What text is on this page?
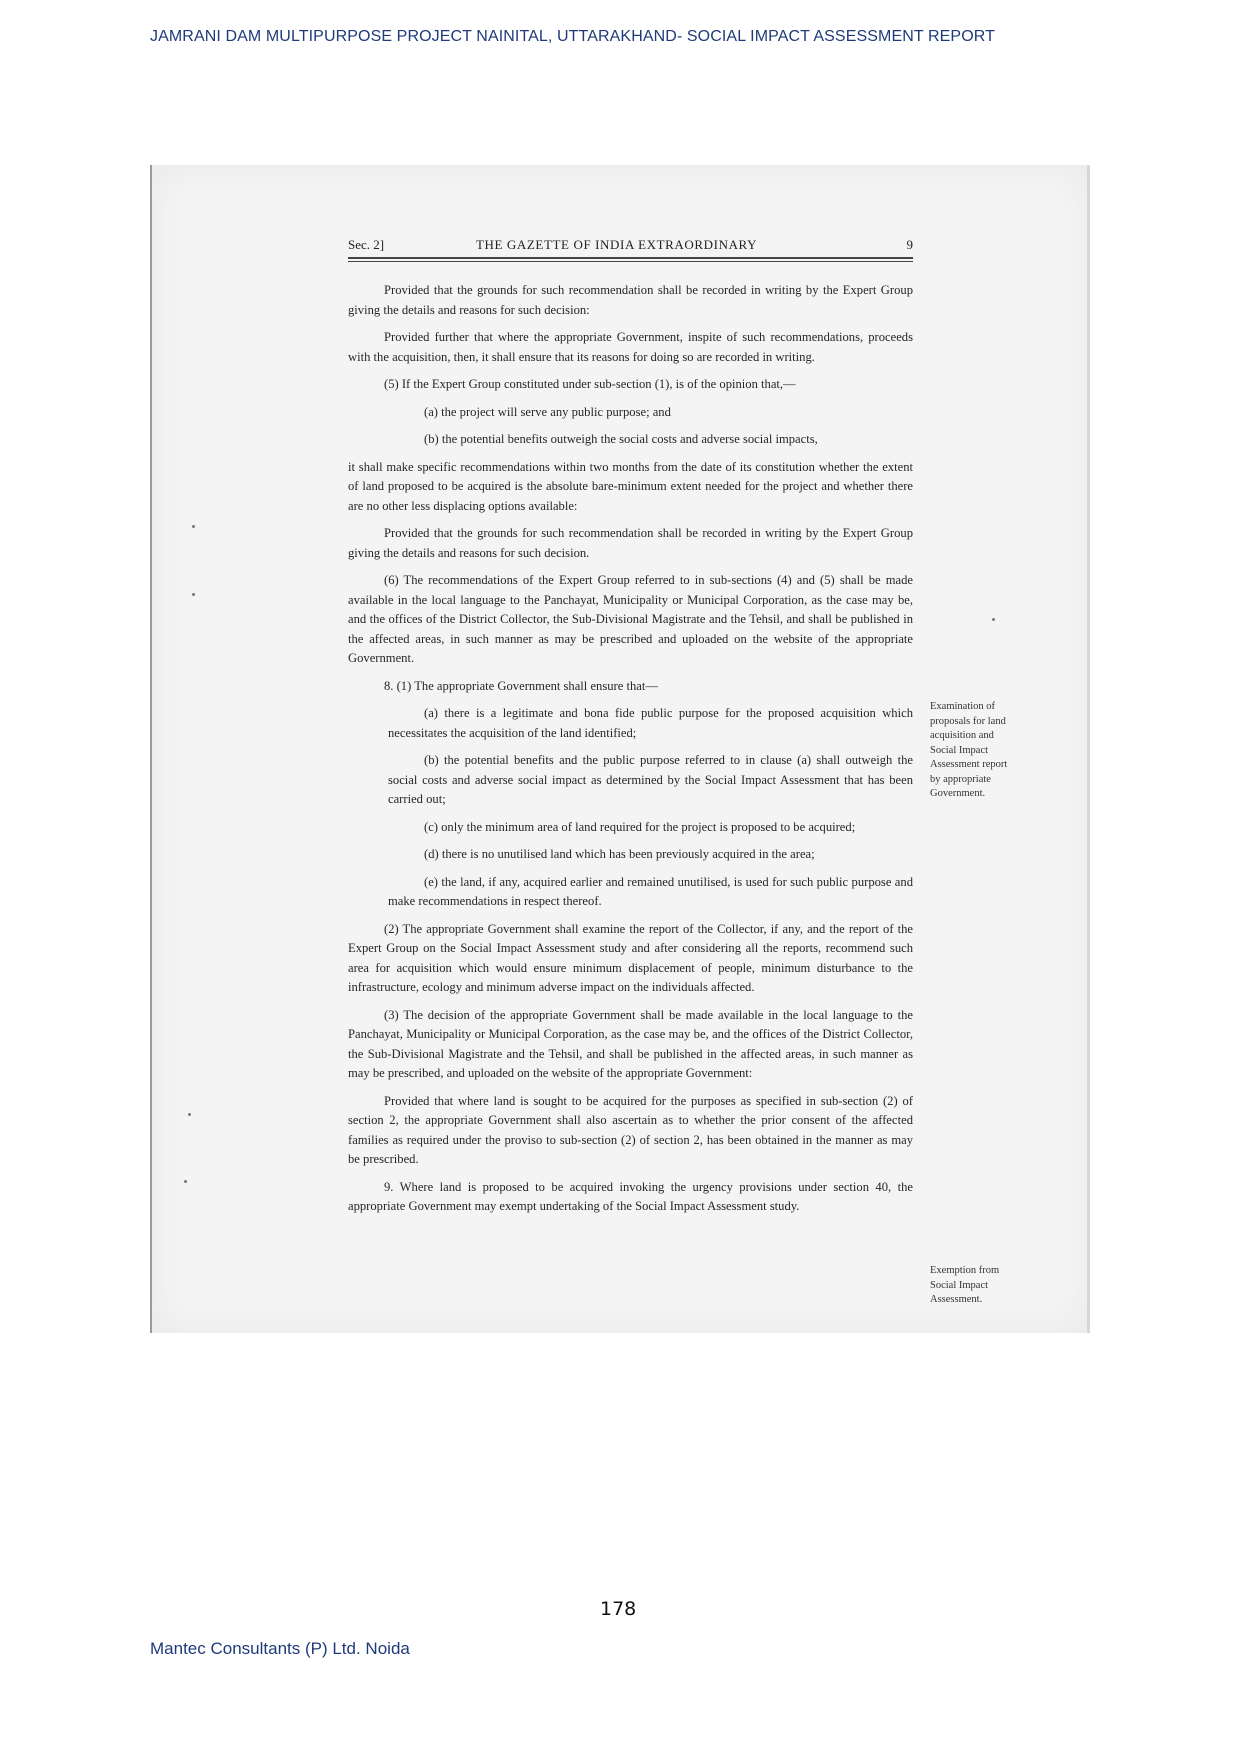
JAMRANI DAM MULTIPURPOSE PROJECT NAINITAL, UTTARAKHAND- SOCIAL IMPACT ASSESSMENT REPORT
Sec. 2]	THE GAZETTE OF INDIA EXTRAORDINARY	9

Provided that the grounds for such recommendation shall be recorded in writing by the Expert Group giving the details and reasons for such decision:

Provided further that where the appropriate Government, inspite of such recommendations, proceeds with the acquisition, then, it shall ensure that its reasons for doing so are recorded in writing.

(5) If the Expert Group constituted under sub-section (1), is of the opinion that,—

(a) the project will serve any public purpose; and

(b) the potential benefits outweigh the social costs and adverse social impacts,

it shall make specific recommendations within two months from the date of its constitution whether the extent of land proposed to be acquired is the absolute bare-minimum extent needed for the project and whether there are no other less displacing options available:

Provided that the grounds for such recommendation shall be recorded in writing by the Expert Group giving the details and reasons for such decision.

(6) The recommendations of the Expert Group referred to in sub-sections (4) and (5) shall be made available in the local language to the Panchayat, Municipality or Municipal Corporation, as the case may be, and the offices of the District Collector, the Sub-Divisional Magistrate and the Tehsil, and shall be published in the affected areas, in such manner as may be prescribed and uploaded on the website of the appropriate Government.

8. (1) The appropriate Government shall ensure that—

(a) there is a legitimate and bona fide public purpose for the proposed acquisition which necessitates the acquisition of the land identified;

(b) the potential benefits and the public purpose referred to in clause (a) shall outweigh the social costs and adverse social impact as determined by the Social Impact Assessment that has been carried out;

(c) only the minimum area of land required for the project is proposed to be acquired;

(d) there is no unutilised land which has been previously acquired in the area;

(e) the land, if any, acquired earlier and remained unutilised, is used for such public purpose and make recommendations in respect thereof.

(2) The appropriate Government shall examine the report of the Collector, if any, and the report of the Expert Group on the Social Impact Assessment study and after considering all the reports, recommend such area for acquisition which would ensure minimum displacement of people, minimum disturbance to the infrastructure, ecology and minimum adverse impact on the individuals affected.

(3) The decision of the appropriate Government shall be made available in the local language to the Panchayat, Municipality or Municipal Corporation, as the case may be, and the offices of the District Collector, the Sub-Divisional Magistrate and the Tehsil, and shall be published in the affected areas, in such manner as may be prescribed, and uploaded on the website of the appropriate Government:

Provided that where land is sought to be acquired for the purposes as specified in sub-section (2) of section 2, the appropriate Government shall also ascertain as to whether the prior consent of the affected families as required under the proviso to sub-section (2) of section 2, has been obtained in the manner as may be prescribed.

9. Where land is proposed to be acquired invoking the urgency provisions under section 40, the appropriate Government may exempt undertaking of the Social Impact Assessment study.

Examination of proposals for land acquisition and Social Impact Assessment report by appropriate Government.
Exemption from Social Impact Assessment.
178
Mantec Consultants (P) Ltd. Noida
